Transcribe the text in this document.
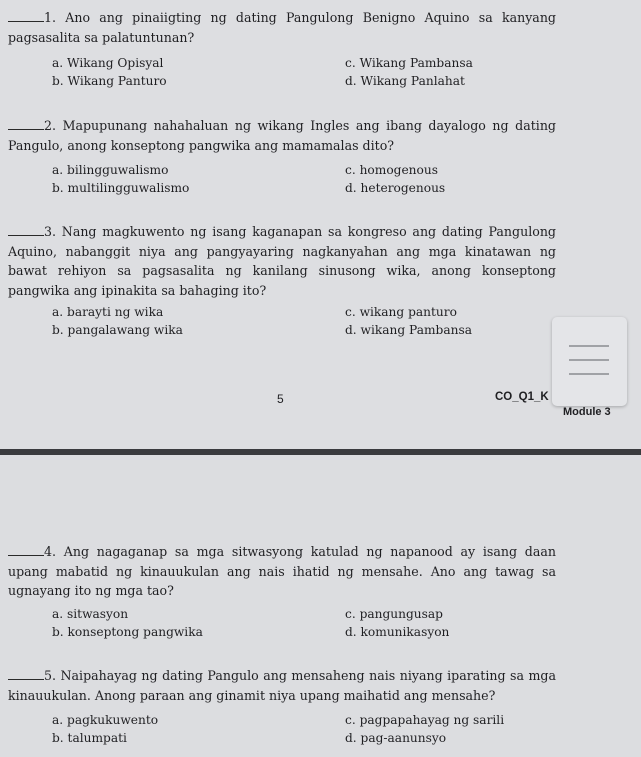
1. Ano ang pinaiigting ng dating Pangulong Benigno Aquino sa kanyang pagsasalita sa palatuntunan?
a. Wikang Opisyal
b. Wikang Panturo
c. Wikang Pambansa
d. Wikang Panlahat
2. Mapupunang nahahaluan ng wikang Ingles ang ibang dayalogo ng dating Pangulo, anong konseptong pangwika ang mamamalas dito?
a. bilingguwalismo
b. multilingguwalismo
c. homogenous
d. heterogenous
3. Nang magkuwento ng isang kaganapan sa kongreso ang dating Pangulong Aquino, nabanggit niya ang pangyayaring nagkanyahan ang mga kinatawan ng bawat rehiyon sa pagsasalita ng kanilang sinusong wika, anong konseptong pangwika ang ipinakita sa bahaging ito?
a. barayti ng wika
b. pangalawang wika
c. wikang panturo
d. wikang Pambansa
5	CO_Q1_K
Module 3
4. Ang nagaganap sa mga sitwasyong katulad ng napanood ay isang daan upang mabatid ng kinauukulan ang nais ihatid ng mensahe. Ano ang tawag sa ugnayang ito ng mga tao?
a. sitwasyon
b. konseptong pangwika
c. pangungusap
d. komunikasyon
5. Naipahayag ng dating Pangulo ang mensaheng nais niyang iparating sa mga kinauukulan. Anong paraan ang ginamit niya upang maihatid ang mensahe?
a. pagkukuwento
b. talumpati
c. pagpapahayag ng sarili
d. pag-aanunsyo
